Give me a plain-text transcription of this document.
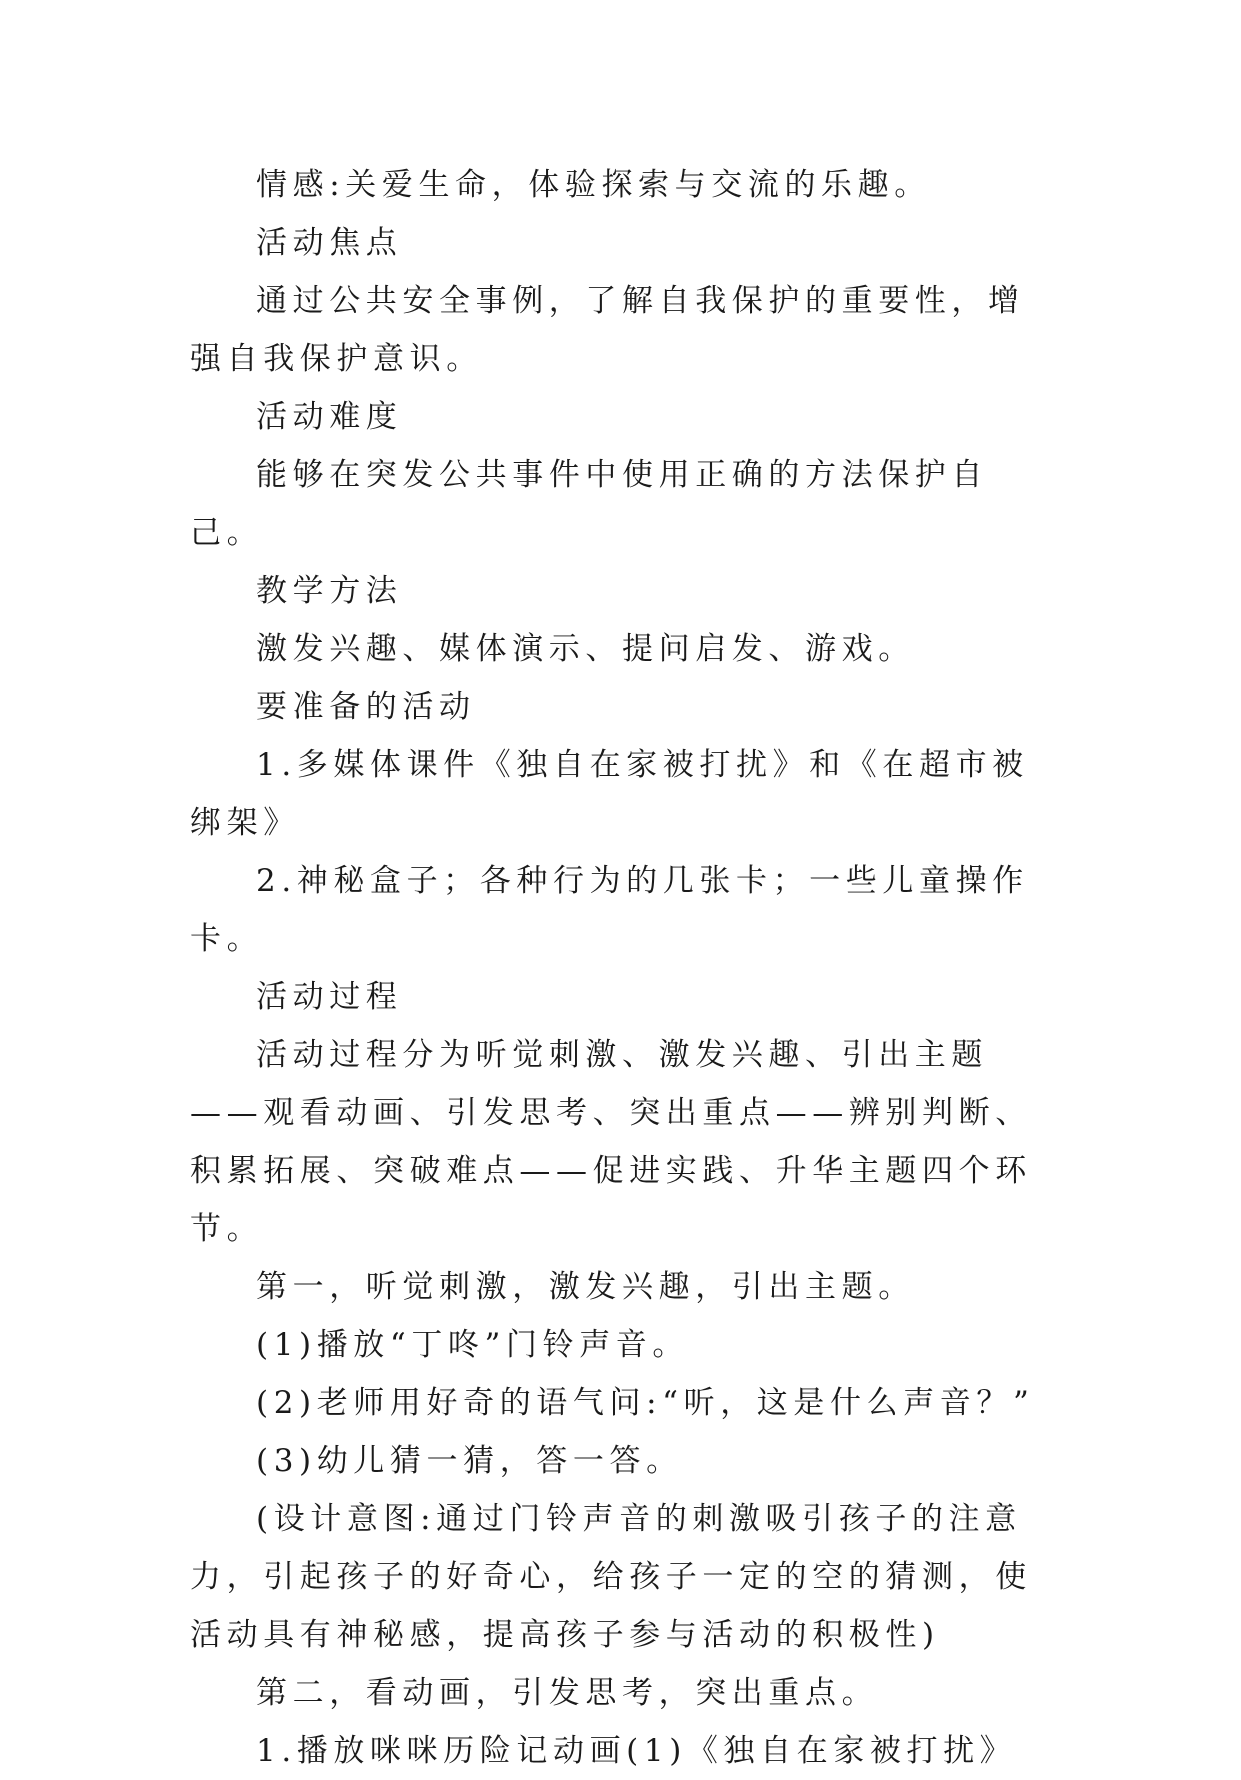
情感:关爱生命，体验探索与交流的乐趣。

活动焦点

通过公共安全事例，了解自我保护的重要性，增强自我保护意识。

活动难度

能够在突发公共事件中使用正确的方法保护自己。

教学方法

激发兴趣、媒体演示、提问启发、游戏。

要准备的活动

1.多媒体课件《独自在家被打扰》和《在超市被绑架》

2.神秘盒子；各种行为的几张卡；一些儿童操作卡。

活动过程

活动过程分为听觉刺激、激发兴趣、引出主题——观看动画、引发思考、突出重点——辨别判断、积累拓展、突破难点——促进实践、升华主题四个环节。

第一，听觉刺激，激发兴趣，引出主题。

(1)播放“丁咚”门铃声音。

(2)老师用好奇的语气问:“听，这是什么声音？”

(3)幼儿猜一猜，答一答。

(设计意图:通过门铃声音的刺激吸引孩子的注意力，引起孩子的好奇心，给孩子一定的空的猜测，使活动具有神秘感，提高孩子参与活动的积极性)

第二，看动画，引发思考，突出重点。

1.播放咪咪历险记动画(1)《独自在家被打扰》
